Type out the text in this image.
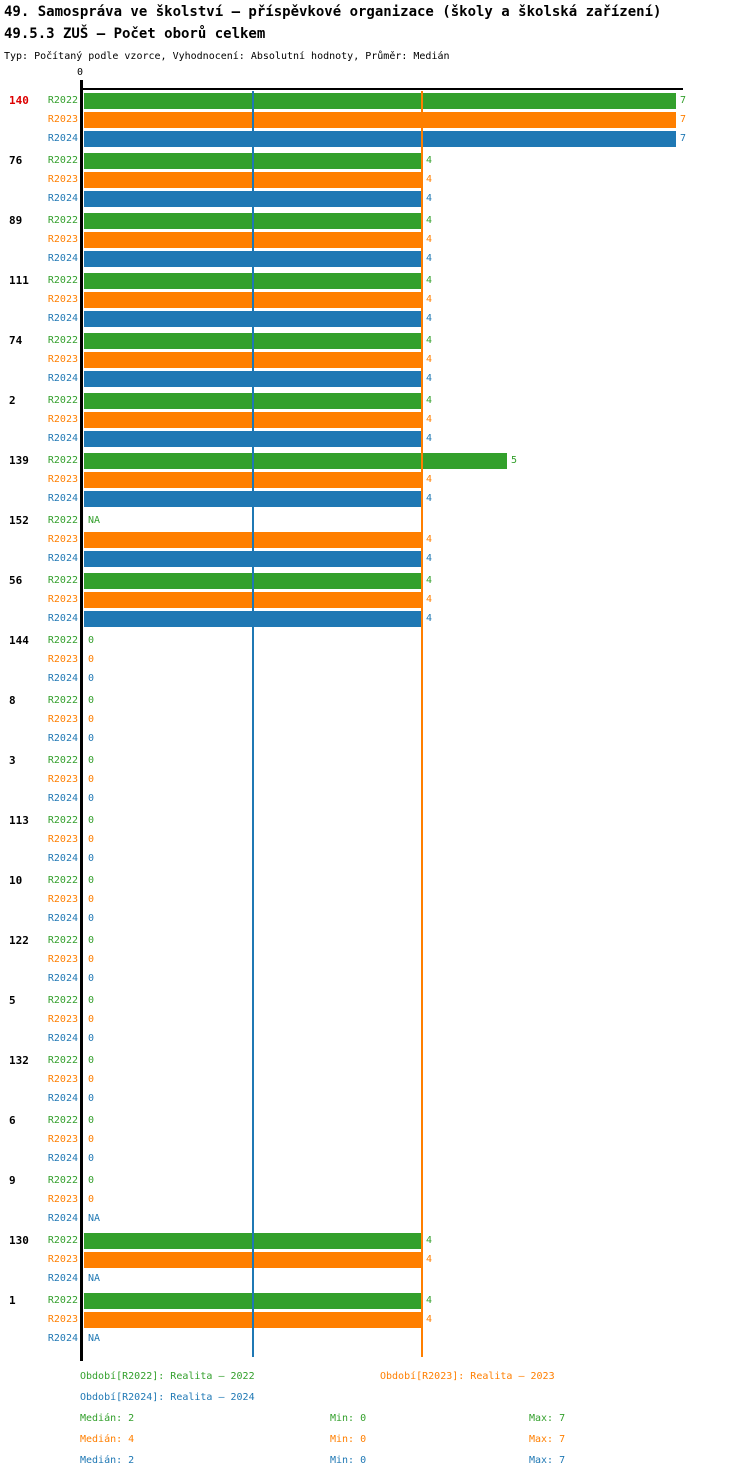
49. Samospráva ve školství – příspěvkové organizace (školy a školská zařízení)
49.5.3 ZUŠ – Počet oborů celkem
Typ: Počítaný podle vzorce, Vyhodnocení: Absolutní hodnoty, Průměr: Medián
0
140	R2022	7
R2023	7
R2024	7
76	R2022	4
R2023	4
R2024	4
89	R2022	4
R2023	4
R2024	4
111	R2022	4
R2023	4
R2024	4
74	R2022	4
R2023	4
R2024	4
2	R2022	4
R2023	4
R2024	4
139	R2022	5
R2023	4
R2024	4
152	R2022 NA
R2023	4
R2024	4
56	R2022	4
R2023	4
R2024	4
144	R2022 0
R2023 0
R2024 0
8	R2022 0
R2023 0
R2024 0
3	R2022 0
R2023 0
R2024 0
113	R2022 0
R2023 0
R2024 0
10	R2022 0
R2023 0
R2024 0
122	R2022 0
R2023 0
R2024 0
5	R2022 0
R2023 0
R2024 0
132	R2022 0
R2023 0
R2024 0
6	R2022 0
R2023 0
R2024 0
9	R2022 0
R2023 0
R2024 NA
130	R2022	4
R2023	4
R2024 NA
1	R2022	4
R2023	4
R2024 NA
Období[R2022]: Realita – 2022	Období[R2023]: Realita – 2023
Období[R2024]: Realita – 2024
Medián: 2	Min: 0	Max: 7
Medián: 4	Min: 0	Max: 7
Medián: 2	Min: 0	Max: 7
